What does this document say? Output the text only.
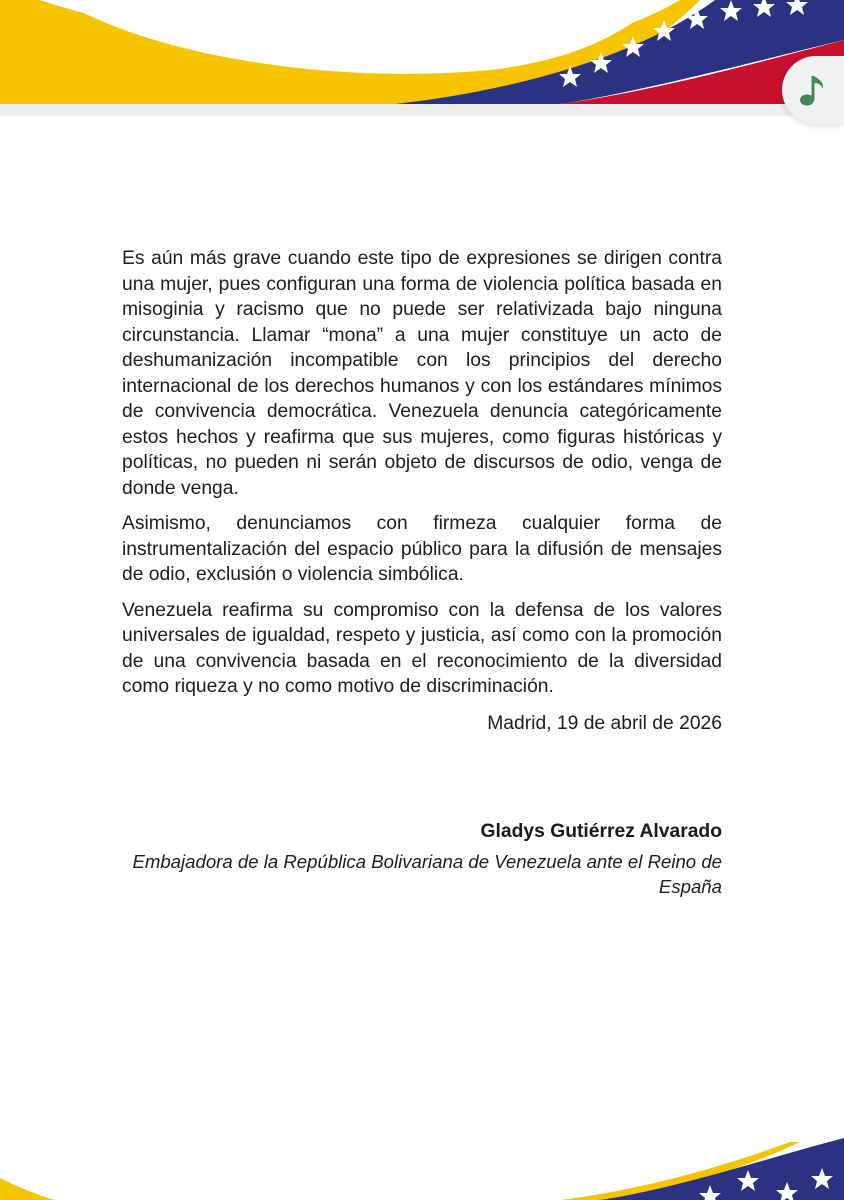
Es aún más grave cuando este tipo de expresiones se dirigen contra una mujer, pues configuran una forma de violencia política basada en misoginia y racismo que no puede ser relativizada bajo ninguna circunstancia. Llamar “mona” a una mujer constituye un acto de deshumanización incompatible con los principios del derecho internacional de los derechos humanos y con los estándares mínimos de convivencia democrática. Venezuela denuncia categóricamente estos hechos y reafirma que sus mujeres, como figuras históricas y políticas, no pueden ni serán objeto de discursos de odio, venga de donde venga.

Asimismo, denunciamos con firmeza cualquier forma de instrumentalización del espacio público para la difusión de mensajes de odio, exclusión o violencia simbólica.

Venezuela reafirma su compromiso con la defensa de los valores universales de igualdad, respeto y justicia, así como con la promoción de una convivencia basada en el reconocimiento de la diversidad como riqueza y no como motivo de discriminación.

Madrid, 19 de abril de 2026
Gladys Gutiérrez Alvarado
Embajadora de la República Bolivariana de Venezuela ante el Reino de España
